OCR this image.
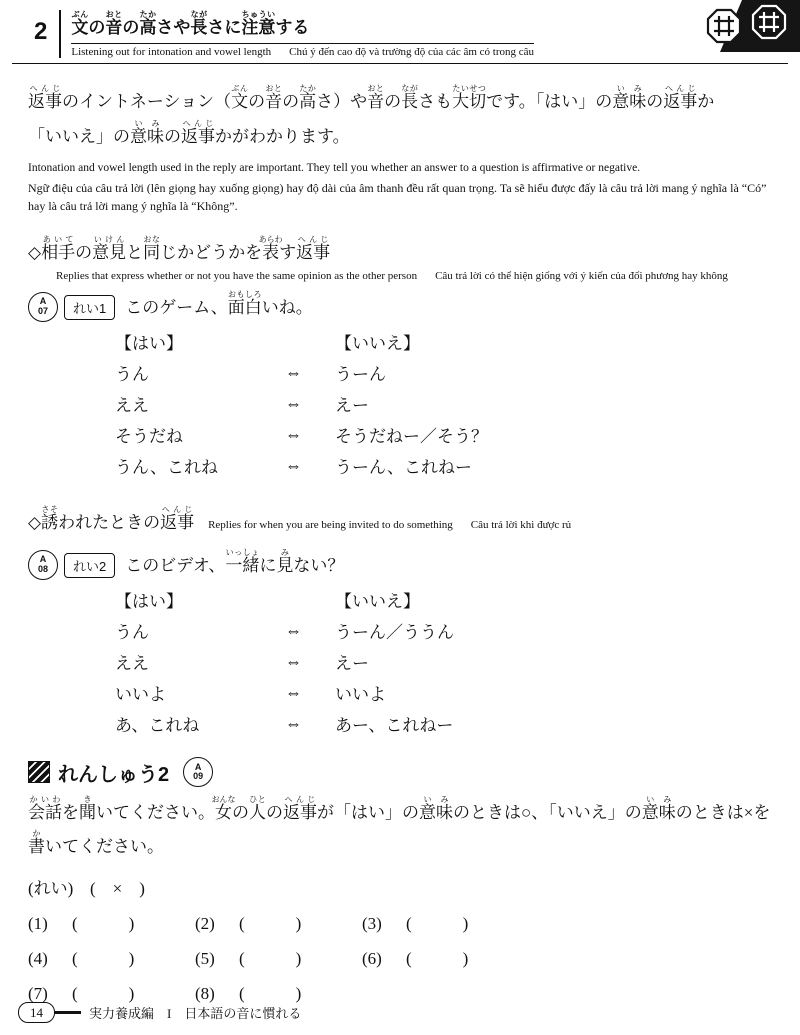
2	文ぶんの音おとの高たかさや長ながさに注意ちゅういする
Listening out for intonation and vowel length Chú ý đến cao độ và trường độ của các âm có trong câu
返事へんじのイントネーション（文ぶんの音おとの高たかさ）や音おとの長ながさも大切たいせつです。「はい」の意味いみの返事へんじか
「いいえ」の意味いみの返事へんじかがわかります。
Intonation and vowel length used in the reply are important. They tell you whether an answer to a question is affirmative or negative.
Ngữ điệu của câu trả lời (lên giọng hay xuống giọng) hay độ dài của âm thanh đều rất quan trọng. Ta sẽ hiểu được đấy là câu trả lời mang ý nghĩa là “Có” hay là câu trả lời mang ý nghĩa là “Không”.
◇相手あいての意見いけんと同おなじかどうかを表あらわす返事へんじ
Replies that express whether or not you have the same opinion as the other person Câu trả lời có thể hiện giống với ý kiến của đối phương hay không
A
07	れい1	このゲーム、面白おもしろいね。
【はい】	【いいえ】
うん	⇔	うーん
ええ	⇔	えー
そうだね	⇔	そうだねー／そう？
うん、これね	⇔	うーん、これねー
◇誘さそわれたときの返事へんじ
Replies for when you are being invited to do something Câu trả lời khi được rủ
A
08	れい2	このビデオ、一緒いっしょに見みない？
【はい】	【いいえ】
うん	⇔	うーん／ううん
ええ	⇔	えー
いいよ	⇔	いいよ
あ、これね	⇔	あー、これねー
れんしゅう2	A
09
会話かいわを聞きいてください。女おんなの人ひとの返事へんじが「はい」の意味いみのときは○、「いいえ」の意味いみのときは×を書かいてください。
(れい) (　×　)
(1)	(　　　)	(2)	(　　　)	(3)	(　　　)
(4)	(　　　)	(5)	(　　　)	(6)	(　　　)
(7)	(　　　)	(8)	(　　　)
14	実力養成編　I　日本語の音に慣れる
